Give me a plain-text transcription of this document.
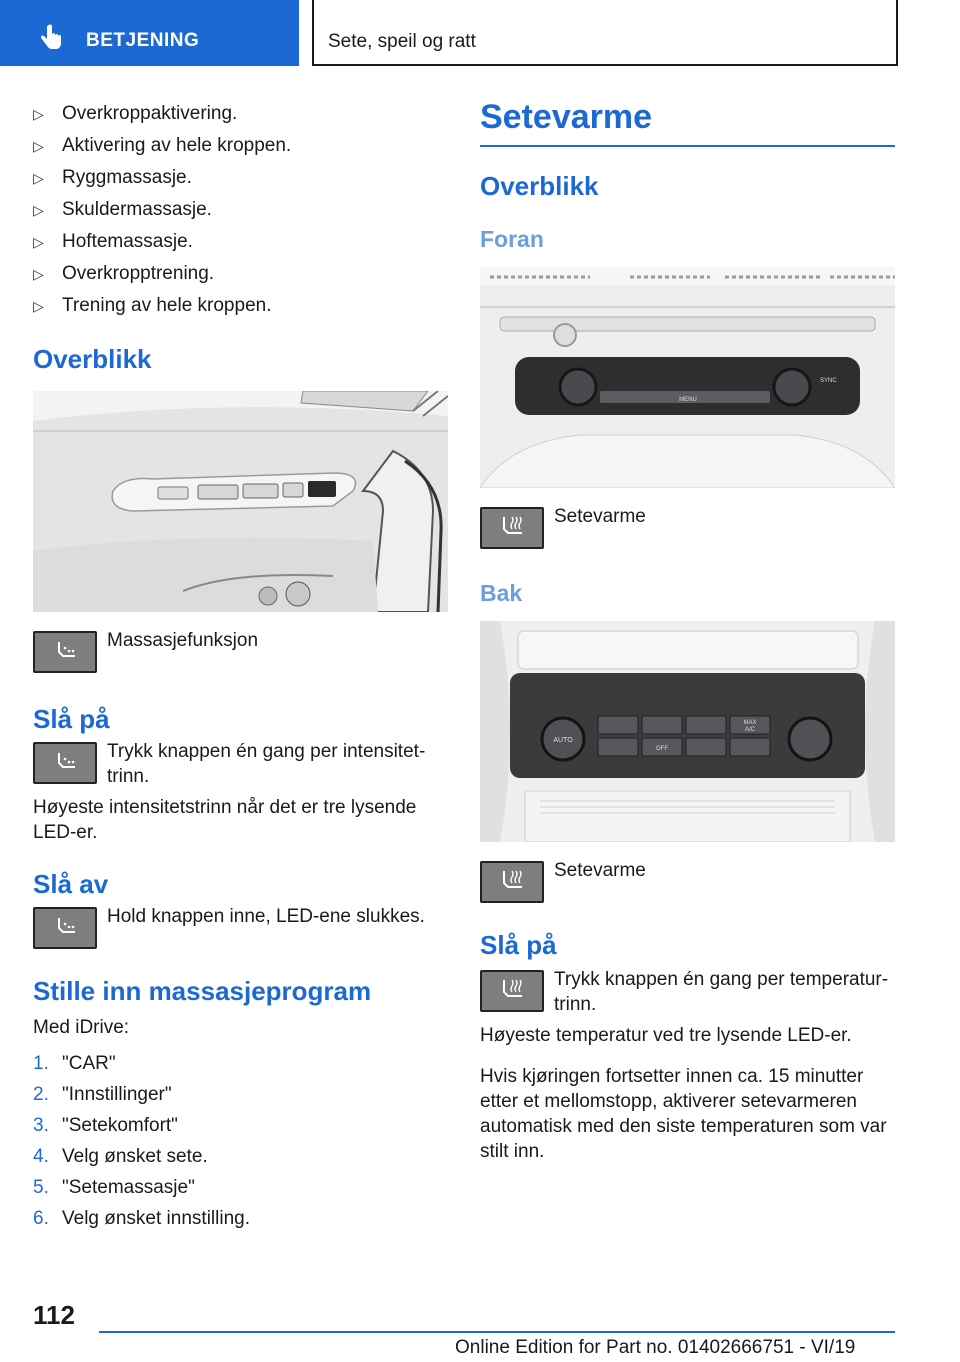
BETJENING	Sete, speil og ratt
▷ Overkroppaktivering.
▷ Aktivering av hele kroppen.
▷ Ryggmassasje.
▷ Skuldermassasje.
▷ Hoftemassasje.
▷ Overkropptrening.
▷ Trening av hele kroppen.
Overblikk
Massasjefunksjon
Slå på
Trykk knappen én gang per intensitettrinn.

Høyeste intensitetstrinn når det er tre lysende LED-er.

Slå av
Hold knappen inne, LED-ene slukkes.
Stille inn massasjeprogram

Med iDrive:

1. "CAR"
2. "Innstillinger"
3. "Setekomfort"
4. Velg ønsket sete.
5. "Setemassasje"
6. Velg ønsket innstilling.
Setevarme
Overblikk
Foran
MENU
SYNC
Setevarme
Bak
AUTO
OFF
MAX
A/C
Setevarme
Slå på
Trykk knappen én gang per temperaturtrinn.

Høyeste temperatur ved tre lysende LED-er.

Hvis kjøringen fortsetter innen ca. 15 minutter etter et mellomstopp, aktiverer setevarmeren automatisk med den siste temperaturen som var stilt inn.

112
Online Edition for Part no. 01402666751 - VI/19
